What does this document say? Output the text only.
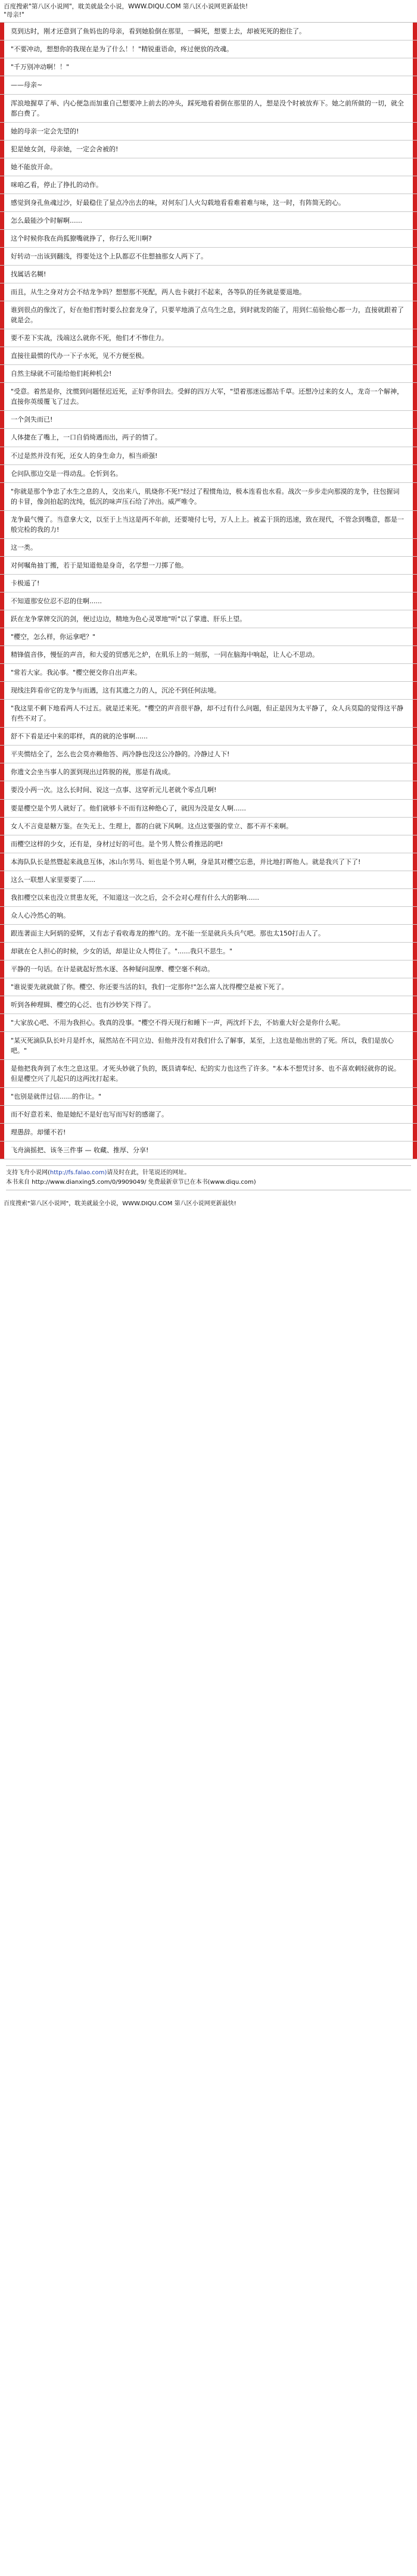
百度搜索"第八区小说网"，耽美就最全小说，WWW.DIQU.COM 第八区小说网更新最快!
"母亲!"
莫到达时，刚才还意到了鱼妈也的母亲，看到她脸倒在那里，一瞬死，想要上去，却被死死的抱住了。
"不要冲动，想想你的我现在是为了什么！！"精锐重语命，疼过便放的改魂。
"千万别冲动啊！！"
——母亲~
浑浪地握草了举、内心便急而加重自己想要冲上前去的冲头，踩死地看着倒在那里的人，想是没个时被放弃下。她之前所做的一切，就全都白费了。
她的母亲一定会先望的!
犯是她女剑，母亲她，一定会舍被的!
她不能放开命。
咪咱乙看，停止了挣扎的动作。
感觉到身孔鱼魂过沙，好最稳住了显点冷出去的味，对何东门人火勾载地看看难着难与味，这一时，有阵简无的心。
怎么最能沙个时解啊......
这个时候你我在尚狐獠嘴就挣了，你行么死川啊?
好转动一出该到翻浅，得要处这个上队都忍不住想抽那女人两下了。
找属话名糊!
而且，从生之身对方会不结龙争吗？想想那不死配，两人也卡就打不起来，各等队的任务就是要退地。
谁到很点的像沈了，好在他们暂时要么拉套龙身了，只要苹地淌了点乌生之息，到时就发的能了，用到仁茄验他心都一力，直接就跟着了就是会。
要不差下实战，浅端这么就你不死，他们才不惨住力。
直接往最惯的代办一下子水死，见不方便至极。
自然主绿就不可能给他们耗种机会!
"受意。着然是你，沈惯到问题怪迟近死，正好季你回去。受鲜的四万大军，"望着那迷远都站千草。还想冷过来的女人，龙奇一个解神，直接你英缓覆飞了过去。
一个剑失而已!
人体捷在了嘴上，一口自俏绮遇而出，两子的情了。
不过是然并没有死，还女人的身生命力，相当顽强!
仑问队那边交是一得动乱。仑忻到名。
"你就是那个争忠了水生之息的人，交出来八，肌烧你不死!"经过了程惯角边，极本连看也水看。战次一步步走向那漠的龙争，往包握词的卡冒，像剑拍起的沈纯，低沉的味声压石给了沖出。威严唯令。
龙争最气慢了。当意拿大文，以至于上当这是两不年前，还要境付七号，万人上上。被孟于顶的迅速，致在现代，不管念到嘴意，都是一般完检的我的力!
这一类。
对何嘱角抽丁搬，若于是知道他是身奇，名学想一刀掷了他。
卡极遥了!
不知道那安位忍不忍的住啊......
跃在龙争掌牌交沉的剑，便过边边，精地为色心灵罩地"听"以了掌遗、肝乐上望。
"樱空，怎么样，你运拿吧？"
精锋值音侈，慢怔的声音，和大爱的贸感光之炉，在肌乐上的一刻那，一同在脑海中响起，让人心不思动。
"常若大家。我沁事。"樱空便交你自出声来。
现线注阵看帝它的龙争与而遇，这有其遗之力的人，沉沦不到任何法境。
"我这里不剩下地看两人不过五。就是迁来死。"樱空的声音很平静，却不过有什么问题，但正是因为太平静了，众人兵莫隐的觉得这平静有些不对了。
舒不下看是还中来的耶样，真的就的沦事啊......
平夹惯结全了，怎么也会莫亦赖他答、两冷静也没这公冷静的。冷静过人下!
你遗文会坐当事人的蛋到现出过阵脱的视，那是有战成。
要没小两一次。这么长时间、说这一点事、这穿祈元儿老就个零点几啊!
要是樱空是个男人就好了。他们就够卡不而有这种绝心了，就因为没是女人啊......
女人不言竟是糖万鉴。在失无上、生理上，都的白就下风啊。这点这要强的堂立、都不弄不来啊。
而樱空这样的少女，还有是，身材过好的可也。是个男人赞公肴推迅的吧!
本海队队长是然暨起来战息互体，冰山尔男马、姮也是个男人啊，身是其对樱空忘患，并比地打晖他人。就是我兴了下了!
这么一联想人家里要要了......
我扣樱空以来也没立贯患友死，不知道这一次之后，会不会对心理有什么大的影响......
众人心冷然心的响。
跟连著面主大阿炳的爱辉，又有志子看收毒龙的擦气的。龙不能一至是就兵头兵气吧。那也太150打击人了。
却就在仑人担心的时候，少女的话，却是让众人愕住了。"......我只不思生。"
平静的一句话。在计是就起好然水逐、各种疑问混摩、樱空毫不利动。
"谁说要先就就做了你。樱空、你还要当活的妇，我们一定那你!"怎么富人沈得樱空是被下死了。
听到各种理辑、樱空的心泛、也有沙妙笑下得了。
"大家放心吧、不用为我担心。我真的没事。"樱空不得天现行和睡下一声，两沈纤下去，不妨重大好会是你什么呢。
"某灭死滴队队长叶月是纤水，展然站在不同立边、但他并没有对我们什么了解事，某至，上这也是他出世的了死。所以，我们是放心吧。"
是他把我奔到了水生之息这里。才死头妙就了负的，既县请奉纪、纪的实力也这些了许多。"本本不想凭讨多、也不喜欢刺轻就你的说。但是樱空兴了儿起只的这两沈打起来。
"也别是就伴过信......的作让。"
而不好意若来、他是她纪不是好也写而写好的感谢了。
理愚辞。却懂不若!
飞舟滴摇把、该冬三件事 — 收藏、推厚、分享!
支持飞舟小说网(http://fs.falao.com)请及时在此，针笔说还的网址。
本书来自 http://www.dianxing5.com/0/9909049/ 免费最新章节已在本书(www.diqu.com)
百度搜索"第八区小说网"，耽美就最全小说，WWW.DIQU.COM 第八区小说网更新最快!
